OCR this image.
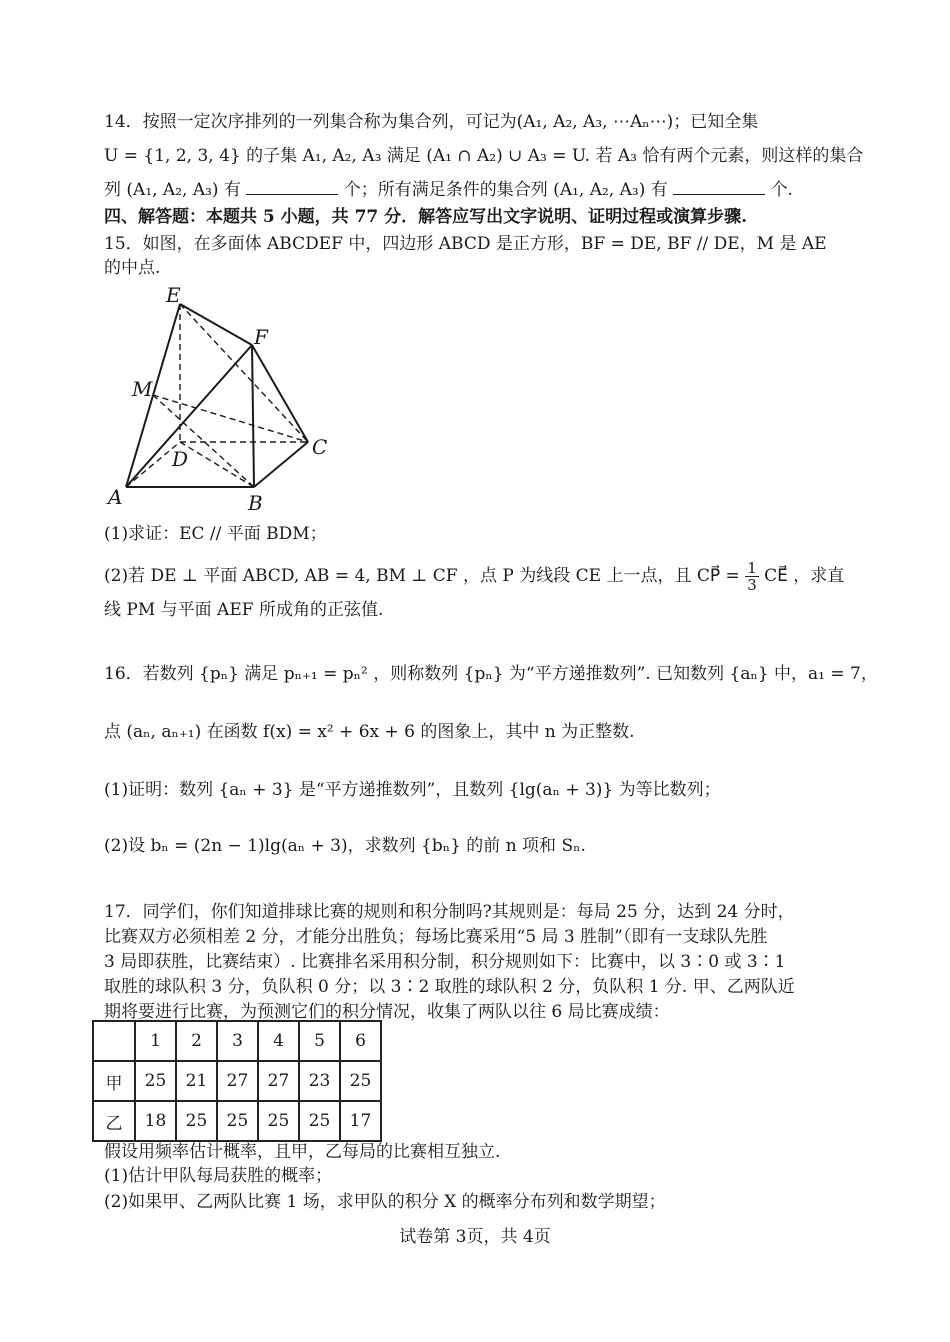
14．按照一定次序排列的一列集合称为集合列，可记为(A₁, A₂, A₃, ⋯Aₙ⋯)；已知全集
U = {1, 2, 3, 4} 的子集 A₁, A₂, A₃ 满足 (A₁ ∩ A₂) ∪ A₃ = U. 若 A₃ 恰有两个元素，则这样的集合
列 (A₁, A₂, A₃) 有	个；所有满足条件的集合列 (A₁, A₂, A₃) 有	个.
四、解答题：本题共 5 小题，共 77 分．解答应写出文字说明、证明过程或演算步骤.
15．如图，在多面体 ABCDEF 中，四边形 ABCD 是正方形，BF = DE, BF // DE，M 是 AE
的中点.
E
F
M
C
D
A	B
(1)求证：EC // 平面 BDM；
(2)若 DE ⊥ 平面 ABCD, AB = 4, BM ⊥ CF ，点 P 为线段 CE 上一点，且 CP⃗ = $\frac{1}{3}$ CE⃗ ，求直
线 PM 与平面 AEF 所成角的正弦值.
16．若数列 {pₙ} 满足 pₙ₊₁ = pₙ² ，则称数列 {pₙ} 为“平方递推数列”. 已知数列 {aₙ} 中，a₁ = 7，
点 (aₙ, aₙ₊₁) 在函数 f(x) = x² + 6x + 6 的图象上，其中 n 为正整数.
(1)证明：数列 {aₙ + 3} 是“平方递推数列”，且数列 {lg(aₙ + 3)} 为等比数列；
(2)设 bₙ = (2n − 1)lg(aₙ + 3)，求数列 {bₙ} 的前 n 项和 Sₙ.
17．同学们，你们知道排球比赛的规则和积分制吗?其规则是：每局 25 分，达到 24 分时，
比赛双方必须相差 2 分，才能分出胜负；每场比赛采用“5 局 3 胜制”（即有一支球队先胜
3 局即获胜，比赛结束）. 比赛排名采用积分制，积分规则如下：比赛中，以 3∶0 或 3∶1
取胜的球队积 3 分，负队积 0 分；以 3∶2 取胜的球队积 2 分，负队积 1 分. 甲、乙两队近
期将要进行比赛，为预测它们的积分情况，收集了两队以往 6 局比赛成绩：
	1	2	3	4	5	6
甲	25	21	27	27	23	25
乙	18	25	25	25	25	17
假设用频率估计概率，且甲，乙每局的比赛相互独立.
(1)估计甲队每局获胜的概率；
(2)如果甲、乙两队比赛 1 场，求甲队的积分 X 的概率分布列和数学期望；
试卷第 3页，共 4页
